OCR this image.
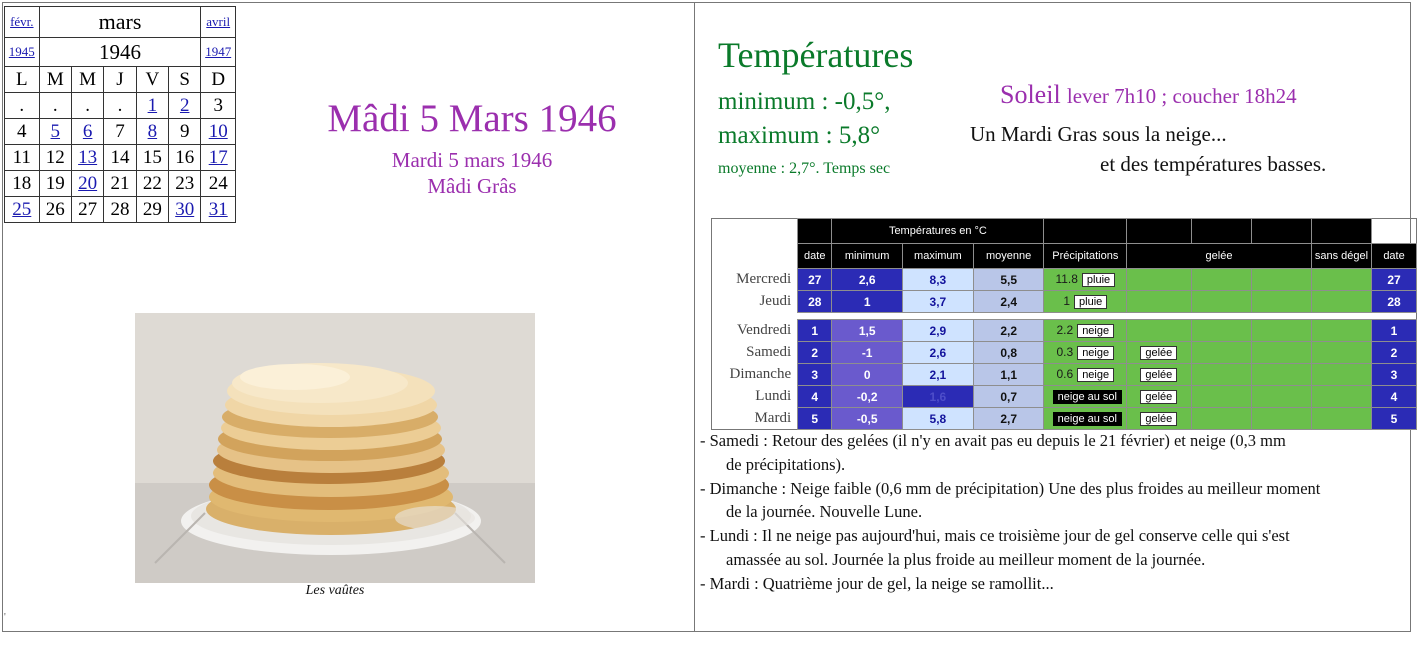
févr.	mars					avril
1945	1946					1947
L	M	M	J	V	S	D
.	.	.	.	1	2	3
4	5	6	7	8	9	10
11	12	13	14	15	16	17
18	19	20	21	22	23	24
25	26	27	28	29	30	31
Mâdi 5 Mars 1946
Mardi 5 mars 1946
Mâdi Grâs
Les vaûtes
Températures
minimum : -0,5°,
maximum : 5,8°
moyenne : 2,7°. Temps sec
Soleil lever 7h10 ; coucher 18h24
Un Mardi Gras sous la neige...
et des températures basses.
		Températures en °C								
	date	minimum	maximum	moyenne	Précipitations	gelée			sans dégel	date
Mercredi	27	2,6	8,3	5,5	11.8 pluie					27
Jeudi	28	1	3,7	2,4	1 pluie					28

Vendredi	1	1,5	2,9	2,2	2.2 neige					1
Samedi	2	-1	2,6	0,8	0.3 neige	gelée				2
Dimanche	3	0	2,1	1,1	0.6 neige	gelée				3
Lundi	4	-0,2	1,6	0,7	neige au sol	gelée				4
Mardi	5	-0,5	5,8	2,7	neige au sol	gelée				5

- Samedi : Retour des gelées (il n'y en avait pas eu depuis le 21 février) et neige (0,3 mm

de précipitations).

- Dimanche : Neige faible (0,6 mm de précipitation) Une des plus froides au meilleur moment

de la journée. Nouvelle Lune.

- Lundi : Il ne neige pas aujourd'hui, mais ce troisième jour de gel conserve celle qui s'est

amassée au sol. Journée la plus froide au meilleur moment de la journée.

- Mardi : Quatrième jour de gel, la neige se ramollit...

'
